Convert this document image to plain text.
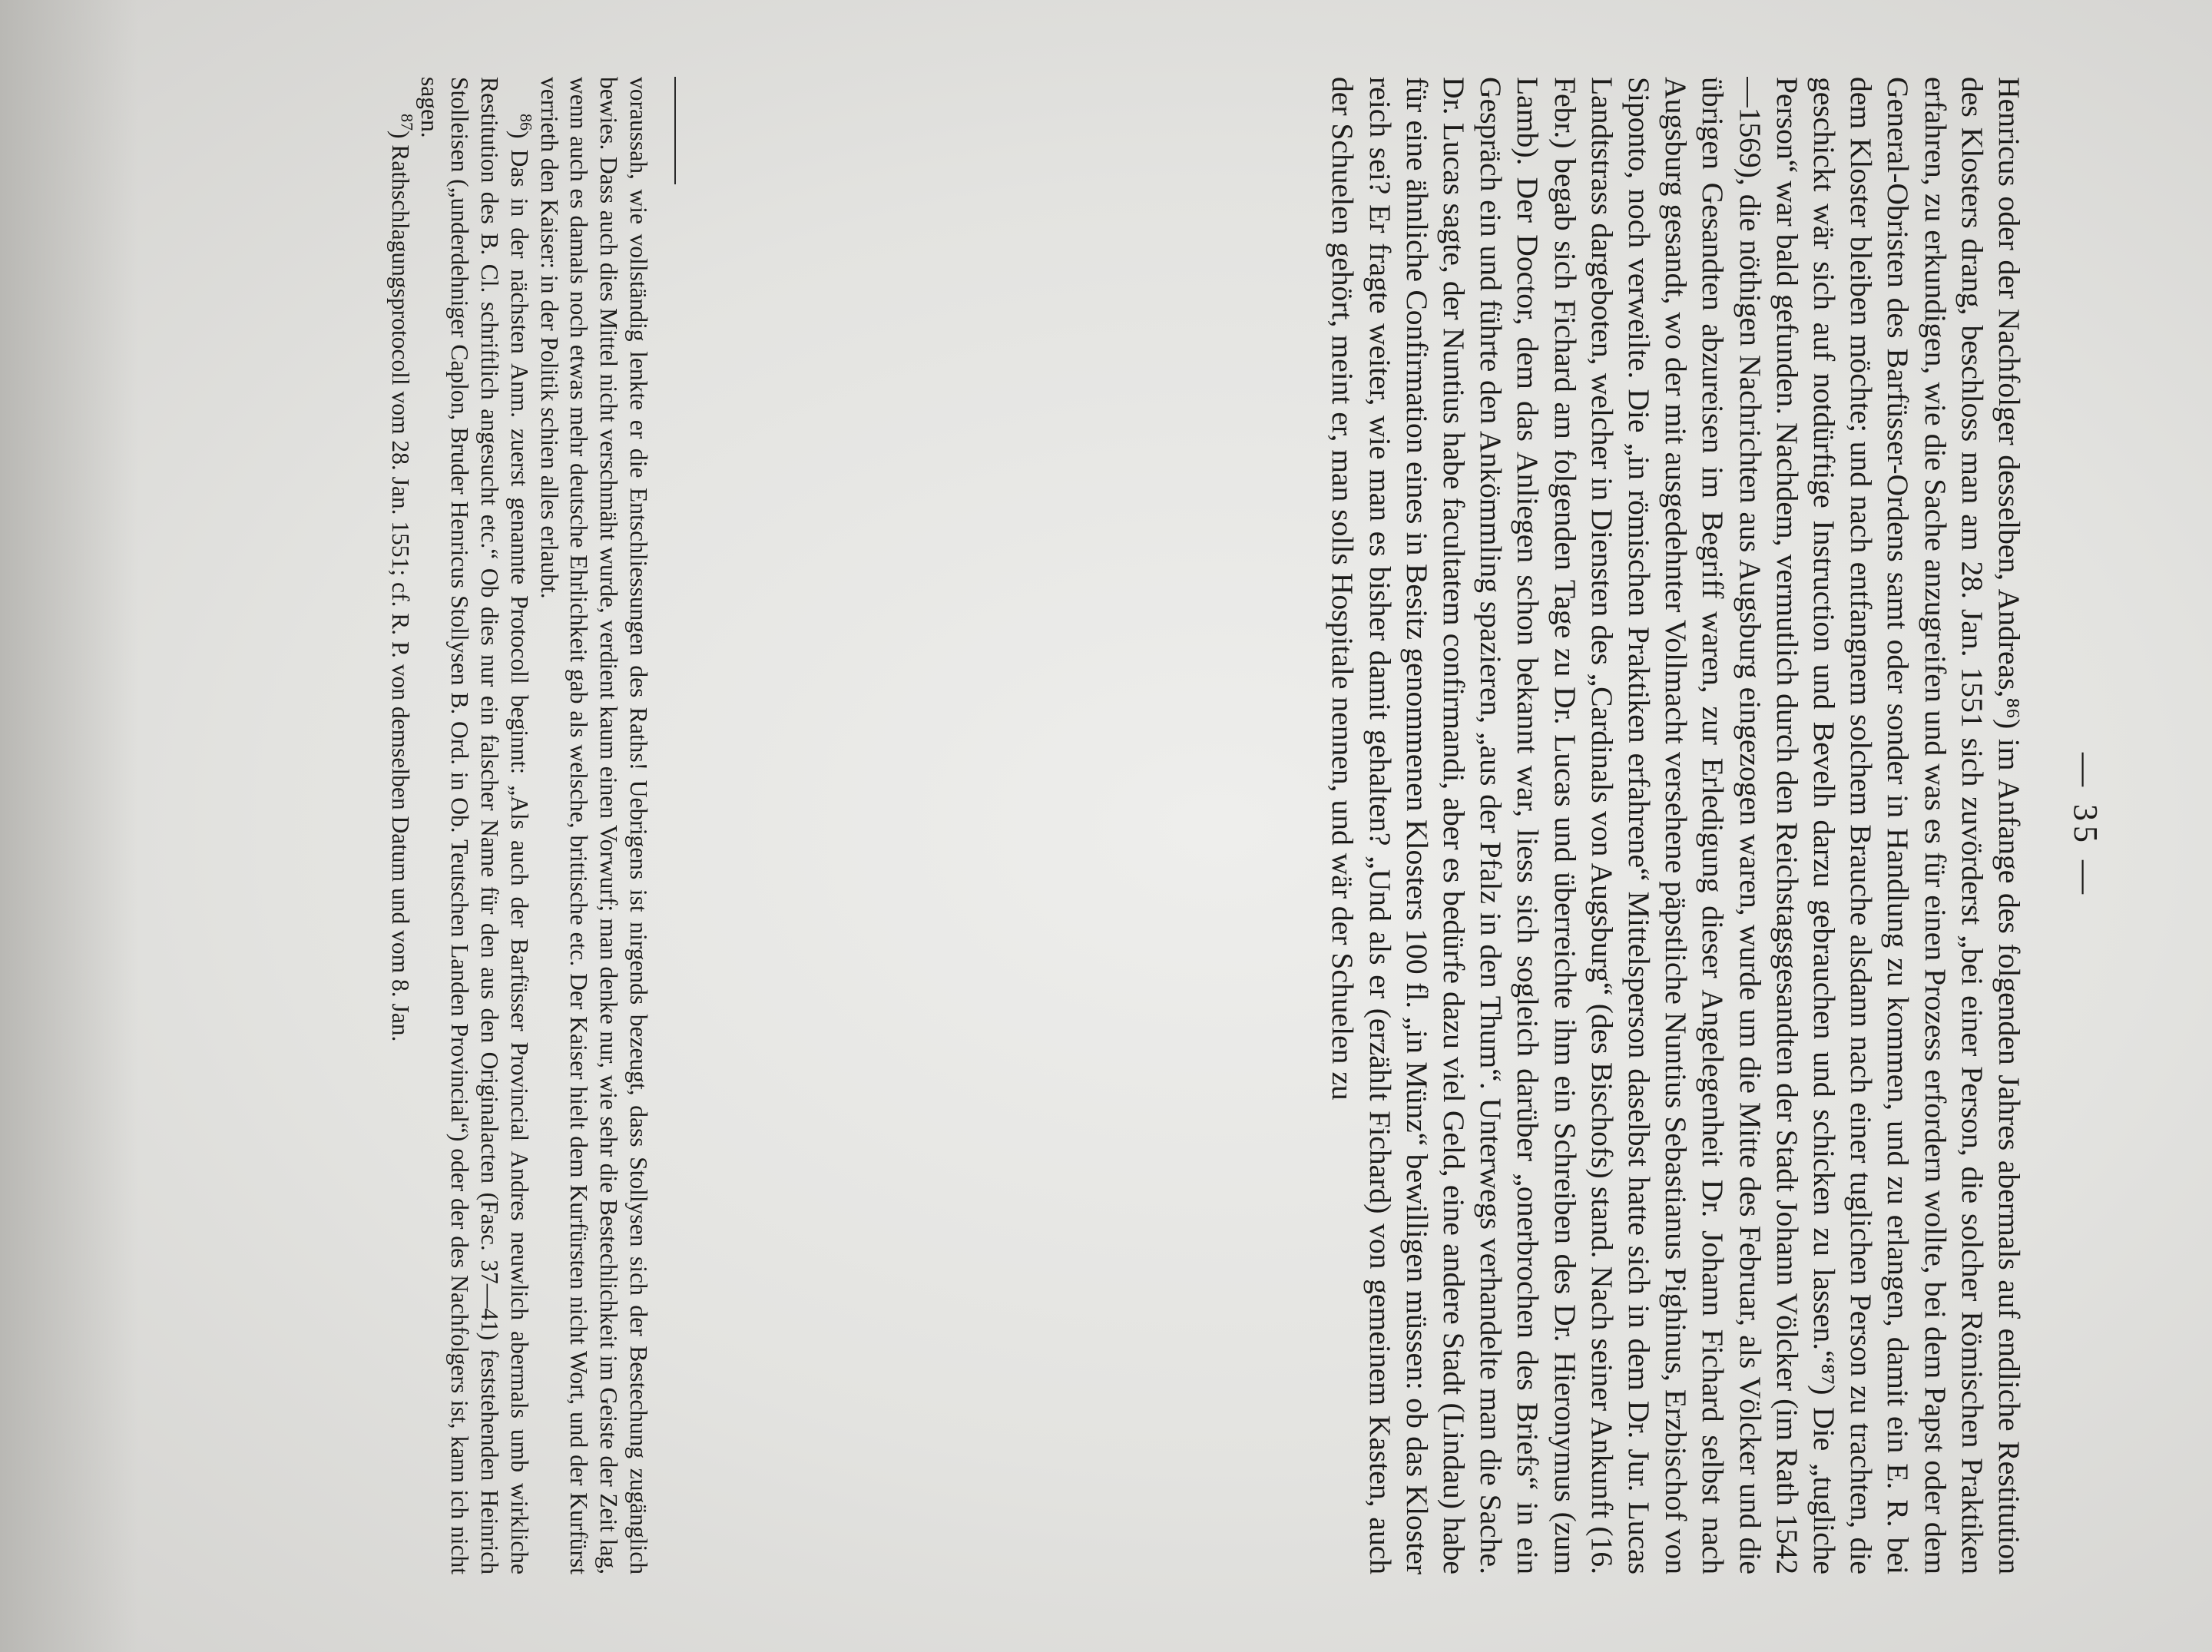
— 35 —

Henricus oder der Nachfolger desselben, Andreas,⁸⁶) im Anfange des folgenden Jahres abermals auf endliche Restitution des Klosters drang, beschloss man am 28. Jan. 1551 sich zuvörderst „bei einer Person, die solcher Römischen Praktiken erfahren, zu erkundigen, wie die Sache anzugreifen und was es für einen Prozess erfordern wollte, bei dem Papst oder dem General-Obristen des Barfüsser-Ordens samt oder sonder in Handlung zu kommen, und zu erlangen, damit ein E. R. bei dem Kloster bleiben möchte; und nach entfangnem solchem Brauche alsdann nach einer tuglichen Person zu trachten, die geschickt wär sich auf notdürftige Instruction und Bevelh darzu gebrauchen und schicken zu lassen.“⁸⁷) Die „tugliche Person“ war bald gefunden. Nachdem, vermutlich durch den Reichstagsgesandten der Stadt Johann Völcker (im Rath 1542—1569), die nöthigen Nachrichten aus Augsburg eingezogen waren, wurde um die Mitte des Februar, als Völcker und die übrigen Gesandten abzureisen im Begriff waren, zur Erledigung dieser Angelegenheit Dr. Johann Fichard selbst nach Augsburg gesandt, wo der mit ausgedehnter Vollmacht versehene päpstliche Nuntius Sebastianus Pighinus, Erzbischof von Siponto, noch verweilte. Die „in römischen Praktiken erfahrene“ Mittelsperson daselbst hatte sich in dem Dr. Jur. Lucas Landtstrass dargeboten, welcher in Diensten des „Cardinals von Augsburg“ (des Bischofs) stand. Nach seiner Ankunft (16. Febr.) begab sich Fichard am folgenden Tage zu Dr. Lucas und überreichte ihm ein Schreiben des Dr. Hieronymus (zum Lamb). Der Doctor, dem das Anliegen schon bekannt war, liess sich sogleich darüber „onerbrochen des Briefs“ in ein Gespräch ein und führte den Ankömmling spazieren, „aus der Pfalz in den Thum“. Unterwegs verhandelte man die Sache. Dr. Lucas sagte, der Nuntius habe facultatem confirmandi, aber es bedürfe dazu viel Geld, eine andere Stadt (Lindau) habe für eine ähnliche Confirmation eines in Besitz genommenen Klosters 100 fl. „in Münz“ bewilligen müssen: ob das Kloster reich sei? Er fragte weiter, wie man es bisher damit gehalten? „Und als er (erzählt Fichard) von gemeinem Kasten, auch der Schuelen gehört, meint er, man solls Hospitale nennen, und wär der Schuelen zu

voraussah, wie vollständig lenkte er die Entschliessungen des Raths! Uebrigens ist nirgends bezeugt, dass Stollysen sich der Bestechung zugänglich bewies. Dass auch dies Mittel nicht verschmäht wurde, verdient kaum einen Vorwurf; man denke nur, wie sehr die Bestechlichkeit im Geiste der Zeit lag, wenn auch es damals noch etwas mehr deutsche Ehrlichkeit gab als welsche, brittische etc. Der Kaiser hielt dem Kurfürsten nicht Wort, und der Kurfürst verrieth den Kaiser: in der Politik schien alles erlaubt.

$^{86}$) Das in der nächsten Anm. zuerst genannte Protocoll beginnt: „Als auch der Barfüsser Provincial Andres neuwlich abermals umb wirkliche Restitution des B. Cl. schriftlich angesucht etc.“ Ob dies nur ein falscher Name für den aus den Originalacten (Fasc. 37—41) feststehenden Heinrich Stolleisen („underdehniger Caplon, Bruder Henricus Stollysen B. Ord. in Ob. Teutschen Landen Provincial“) oder der des Nachfolgers ist, kann ich nicht sagen.

$^{87}$) Rathschlagungsprotocoll vom 28. Jan. 1551; cf. R. P. von demselben Datum und vom 8. Jan.
